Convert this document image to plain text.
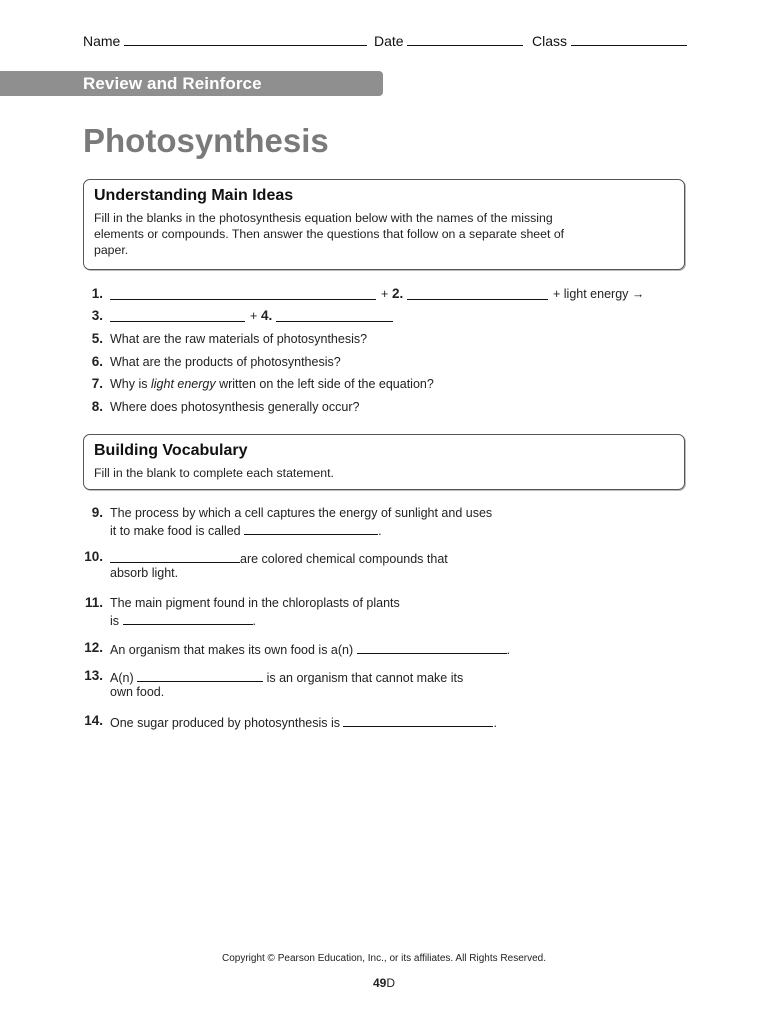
Name	Date	Class
Review and Reinforce
Photosynthesis
Understanding Main Ideas

Fill in the blanks in the photosynthesis equation below with the names of the missing elements or compounds. Then answer the questions that follow on a separate sheet of paper.

1.	+ 2.	+ light energy →
3.	+ 4.
5. What are the raw materials of photosynthesis?
6. What are the products of photosynthesis?
7. Why is light energy written on the left side of the equation?
8. Where does photosynthesis generally occur?
Building Vocabulary

Fill in the blank to complete each statement.

9. The process by which a cell captures the energy of sunlight and uses
it to make food is called	.
10.	are colored chemical compounds that
absorb light.
11. The main pigment found in the chloroplasts of plants
is	.
12. An organism that makes its own food is a(n)	.
13. A(n)	is an organism that cannot make its
own food.
14. One sugar produced by photosynthesis is	.
Copyright © Pearson Education, Inc., or its affiliates. All Rights Reserved.
49D
